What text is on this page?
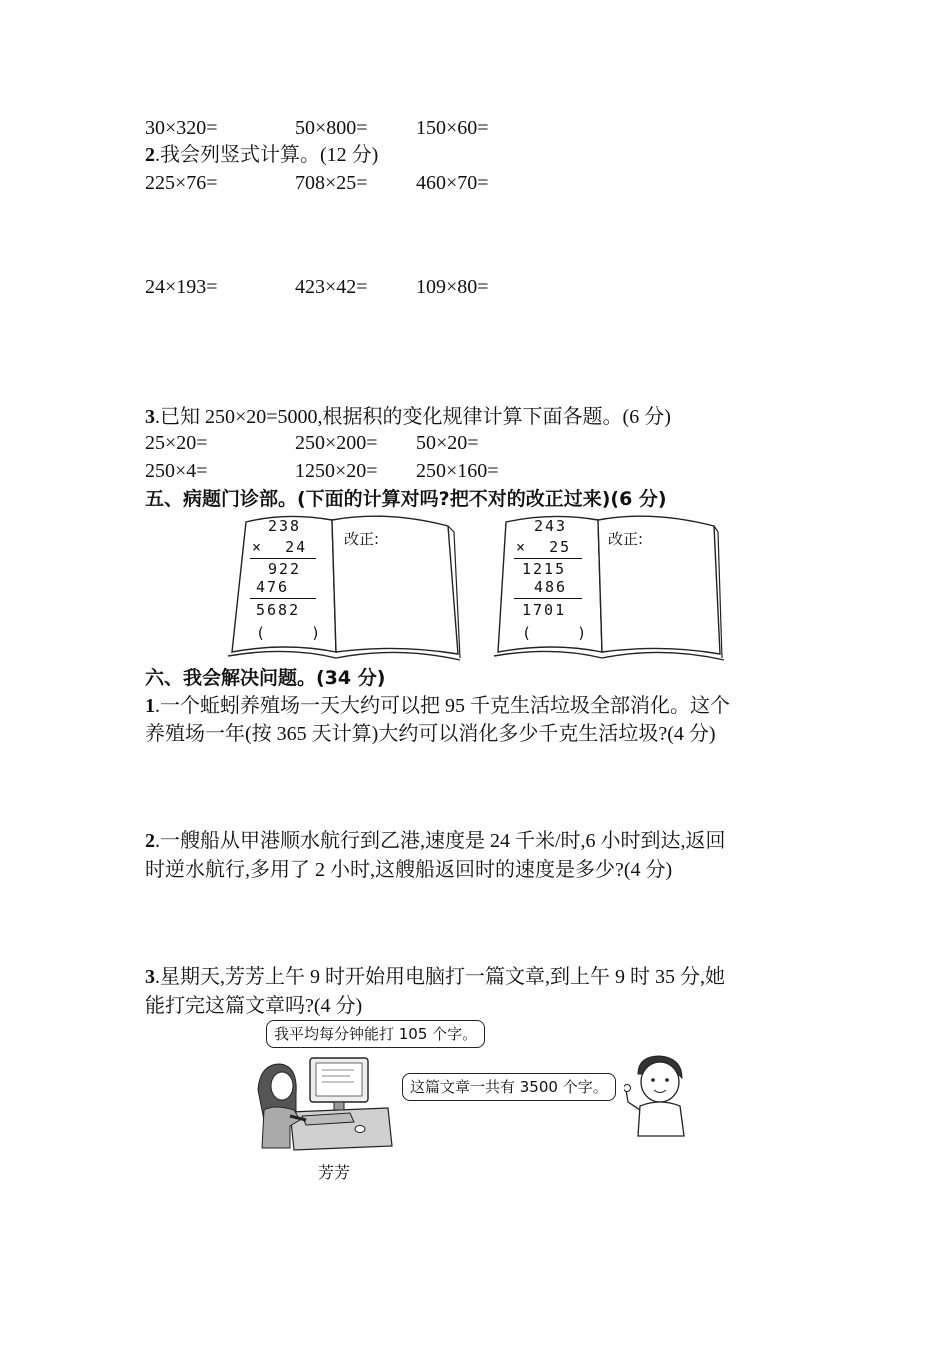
30×320=	50×800= 150×60=
2.我会列竖式计算。(12 分)
225×76=	708×25= 460×70=
24×193=	423×42= 109×80=
3.已知 250×20=5000,根据积的变化规律计算下面各题。(6 分)
25×20=	250×200= 50×20=
250×4=	1250×20= 250×160=
五、病题门诊部。(下面的计算对吗?把不对的改正过来)(6 分)
238
×  24
922
476
5682
(    )
改正:
243
×  25
1215
486
1701
(    )
改正:
六、我会解决问题。(34 分)
1.一个蚯蚓养殖场一天大约可以把 95 千克生活垃圾全部消化。这个
养殖场一年(按 365 天计算)大约可以消化多少千克生活垃圾?(4 分)
2.一艘船从甲港顺水航行到乙港,速度是 24 千米/时,6 小时到达,返回
时逆水航行,多用了 2 小时,这艘船返回时的速度是多少?(4 分)
3.星期天,芳芳上午 9 时开始用电脑打一篇文章,到上午 9 时 35 分,她
能打完这篇文章吗?(4 分)
我平均每分钟能打 105 个字。
芳芳
这篇文章一共有 3500 个字。
